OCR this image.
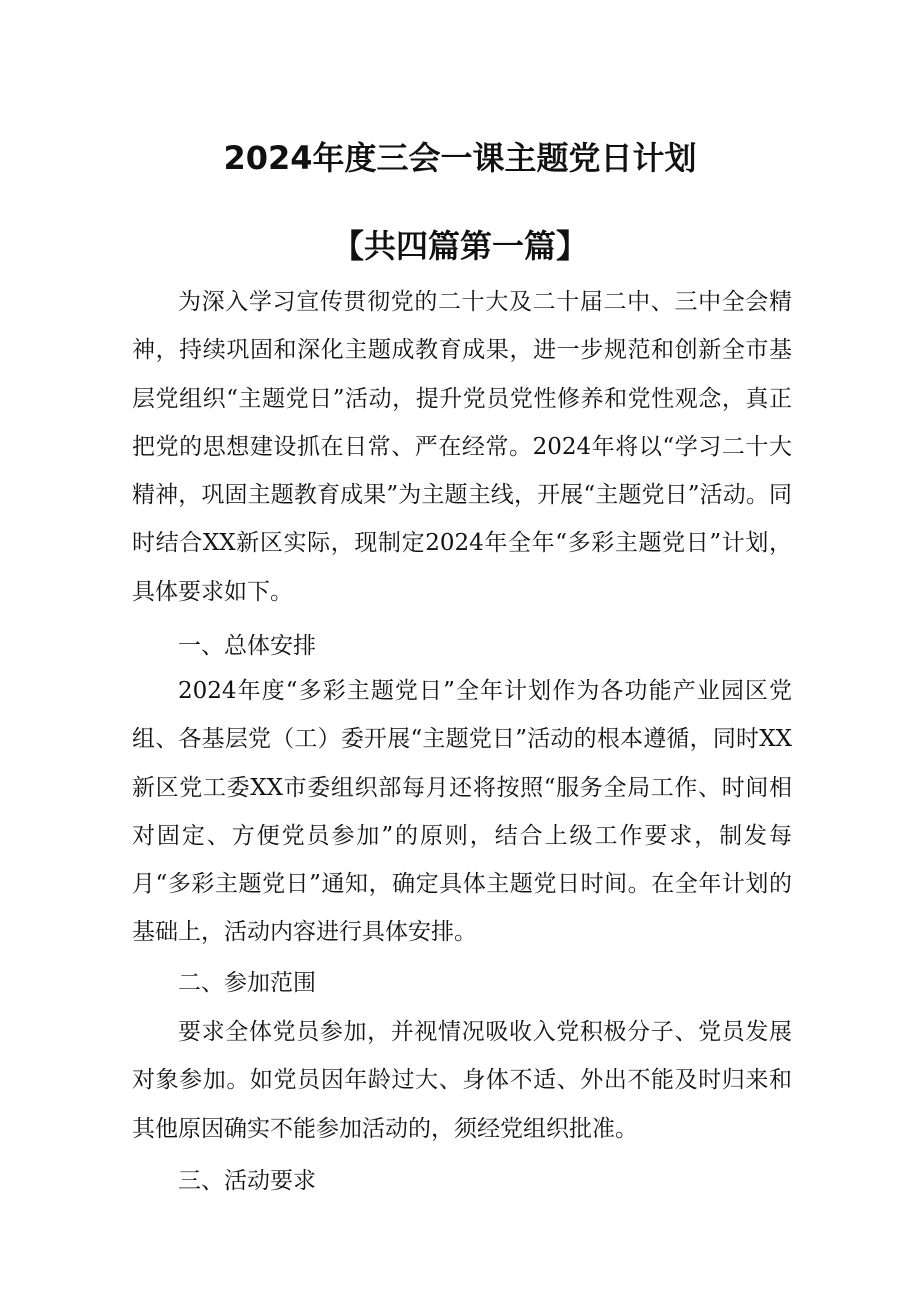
2024年度三会一课主题党日计划
【共四篇第一篇】

为深入学习宣传贯彻党的二十大及二十届二中、三中全会精神，持续巩固和深化主题成教育成果，进一步规范和创新全市基层党组织“主题党日”活动，提升党员党性修养和党性观念，真正把党的思想建设抓在日常、严在经常。2024年将以“学习二十大精神，巩固主题教育成果”为主题主线，开展“主题党日”活动。同时结合XX新区实际，现制定2024年全年“多彩主题党日”计划，具体要求如下。

一、总体安排

2024年度“多彩主题党日”全年计划作为各功能产业园区党组、各基层党（工）委开展“主题党日”活动的根本遵循，同时XX新区党工委XX市委组织部每月还将按照“服务全局工作、时间相对固定、方便党员参加”的原则，结合上级工作要求，制发每月“多彩主题党日”通知，确定具体主题党日时间。在全年计划的基础上，活动内容进行具体安排。

二、参加范围

要求全体党员参加，并视情况吸收入党积极分子、党员发展对象参加。如党员因年龄过大、身体不适、外出不能及时归来和其他原因确实不能参加活动的，须经党组织批准。

三、活动要求
